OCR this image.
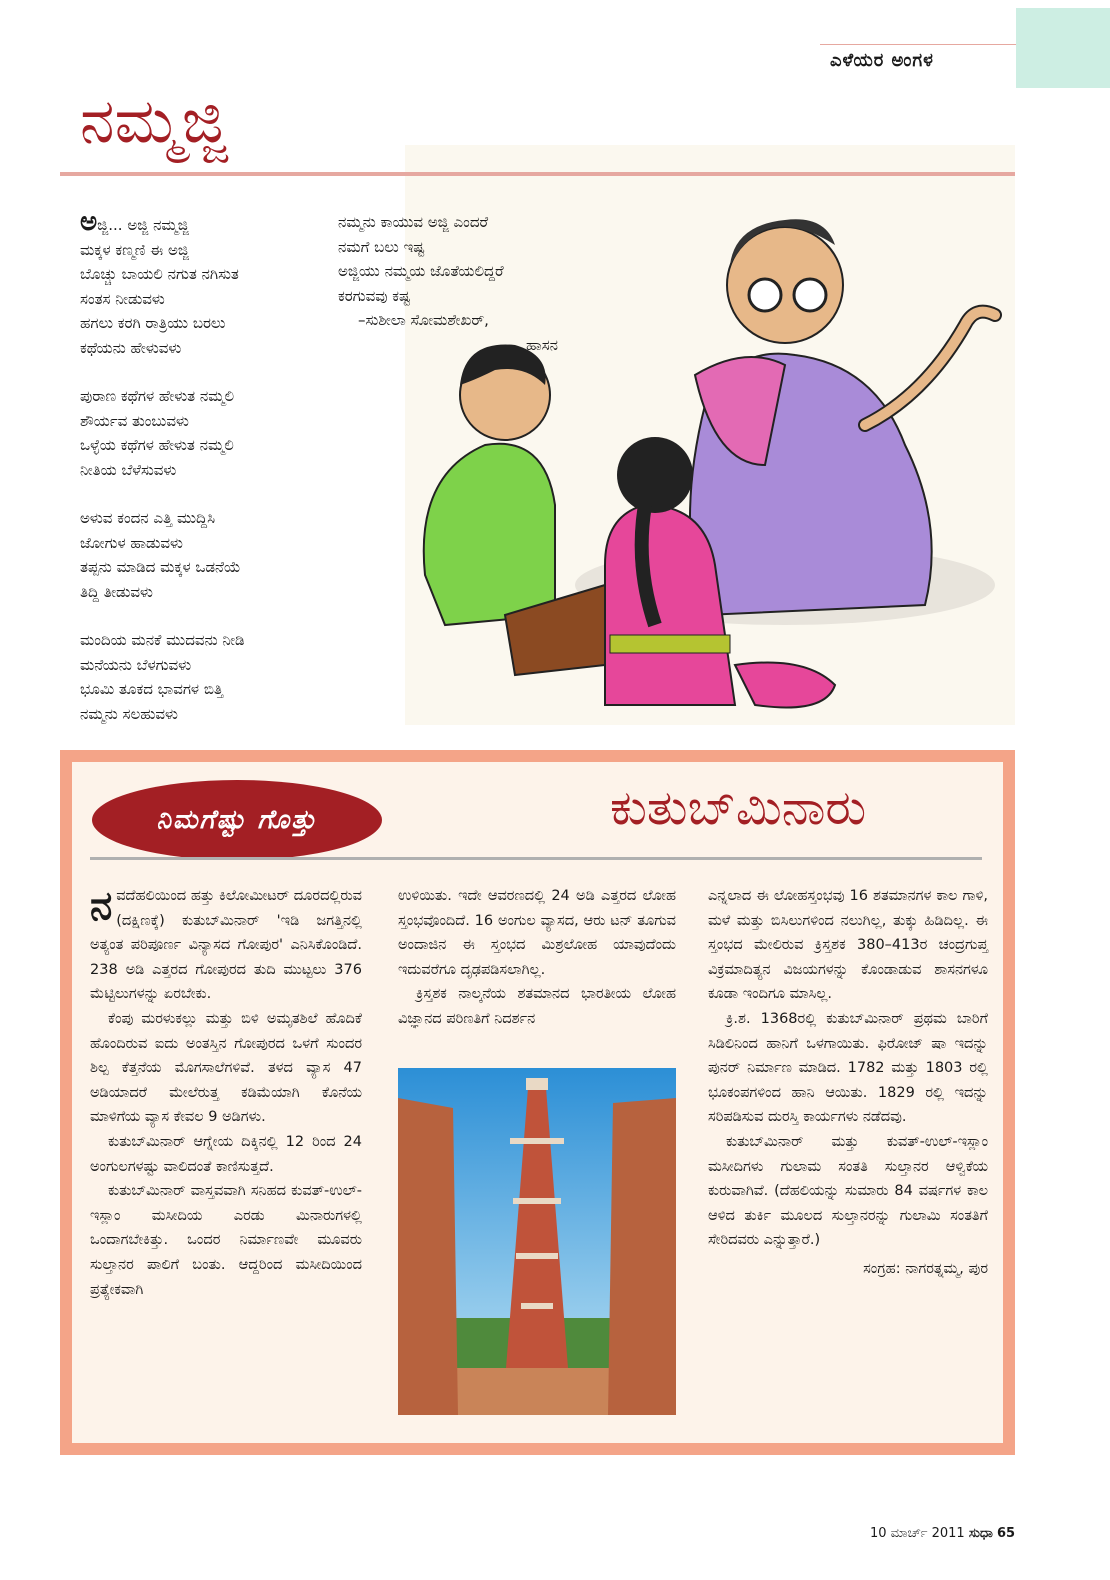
ಎಳೆಯರ ಅಂಗಳ
ನಮ್ಮಜ್ಜಿ
ಅಜ್ಜಿ... ಅಜ್ಜಿ ನಮ್ಮಜ್ಜಿ
ಮಕ್ಕಳ ಕಣ್ಮಣಿ ಈ ಅಜ್ಜಿ
ಬೊಚ್ಚು ಬಾಯಲಿ ನಗುತ ನಗಿಸುತ
ಸಂತಸ ನೀಡುವಳು
ಹಗಲು ಕರಗಿ ರಾತ್ರಿಯು ಬರಲು
ಕಥೆಯನು ಹೇಳುವಳು
ಪುರಾಣ ಕಥೆಗಳ ಹೇಳುತ ನಮ್ಮಲಿ
ಶೌರ್ಯವ ತುಂಬುವಳು
ಒಳ್ಳೆಯ ಕಥೆಗಳ ಹೇಳುತ ನಮ್ಮಲಿ
ನೀತಿಯ ಬೆಳೆಸುವಳು
ಅಳುವ ಕಂದನ ಎತ್ತಿ ಮುದ್ದಿಸಿ
ಜೋಗುಳ ಹಾಡುವಳು
ತಪ್ಪನು ಮಾಡಿದ ಮಕ್ಕಳ ಒಡನೆಯೆ
ತಿದ್ದಿ ತೀಡುವಳು
ಮಂದಿಯ ಮನಕೆ ಮುದವನು ನೀಡಿ
ಮನೆಯನು ಬೆಳಗುವಳು
ಭೂಮಿ ತೂಕದ ಭಾವಗಳ ಬಿತ್ತಿ
ನಮ್ಮನು ಸಲಹುವಳು
ನಮ್ಮನು ಕಾಯುವ ಅಜ್ಜಿ ಎಂದರೆ
ನಮಗೆ ಬಲು ಇಷ್ಟ
ಅಜ್ಜಿಯು ನಮ್ಮಯ ಜೊತೆಯಲಿದ್ದರೆ
ಕರಗುವವು ಕಷ್ಟ
–ಸುಶೀಲಾ ಸೋಮಶೇಖರ್,
ಹಾಸನ
ನಿಮಗೆಷ್ಟು ಗೊತ್ತು	ಕುತುಬ್‌ಮಿನಾರು

ನವದೆಹಲಿಯಿಂದ ಹತ್ತು ಕಿಲೋಮೀಟರ್ ದೂರದಲ್ಲಿರುವ (ದಕ್ಷಿಣಕ್ಕೆ) ಕುತುಬ್‌ಮಿನಾರ್ 'ಇಡಿ ಜಗತ್ತಿನಲ್ಲಿ ಅತ್ಯಂತ ಪರಿಪೂರ್ಣ ವಿನ್ಯಾಸದ ಗೋಪುರ' ಎನಿಸಿಕೊಂಡಿದೆ. 238 ಅಡಿ ಎತ್ತರದ ಗೋಪುರದ ತುದಿ ಮುಟ್ಟಲು 376 ಮೆಟ್ಟಿಲುಗಳನ್ನು ಏರಬೇಕು.

ಕೆಂಪು ಮರಳುಕಲ್ಲು ಮತ್ತು ಬಿಳಿ ಅಮೃತಶಿಲೆ ಹೊದಿಕೆ ಹೊಂದಿರುವ ಐದು ಅಂತಸ್ತಿನ ಗೋಪುರದ ಒಳಗೆ ಸುಂದರ ಶಿಲ್ಪ ಕೆತ್ತನೆಯ ಮೊಗಸಾಲೆಗಳಿವೆ. ತಳದ ವ್ಯಾಸ 47 ಅಡಿಯಾದರೆ ಮೇಲೆರುತ್ತ ಕಡಿಮೆಯಾಗಿ ಕೊನೆಯ ಮಾಳಿಗೆಯ ವ್ಯಾಸ ಕೇವಲ 9 ಅಡಿಗಳು.

ಕುತುಬ್‌ಮಿನಾರ್ ಆಗ್ನೇಯ ದಿಕ್ಕಿನಲ್ಲಿ 12 ರಿಂದ 24 ಅಂಗುಲಗಳಷ್ಟು ವಾಲಿದಂತೆ ಕಾಣಿಸುತ್ತದೆ.

ಕುತುಬ್‌ಮಿನಾರ್ ವಾಸ್ತವವಾಗಿ ಸನಿಹದ ಕುವತ್-ಉಲ್-ಇಸ್ಲಾಂ ಮಸೀದಿಯ ಎರಡು ಮಿನಾರುಗಳಲ್ಲಿ ಒಂದಾಗಬೇಕಿತ್ತು. ಒಂದರ ನಿರ್ಮಾಣವೇ ಮೂವರು ಸುಲ್ತಾನರ ಪಾಲಿಗೆ ಬಂತು. ಆದ್ದರಿಂದ ಮಸೀದಿಯಿಂದ ಪ್ರತ್ಯೇಕವಾಗಿ

ಉಳಿಯಿತು. ಇದೇ ಆವರಣದಲ್ಲಿ 24 ಅಡಿ ಎತ್ತರದ ಲೋಹ ಸ್ತಂಭವೊಂದಿದೆ. 16 ಅಂಗುಲ ವ್ಯಾಸದ, ಆರು ಟನ್ ತೂಗುವ ಅಂದಾಜಿನ ಈ ಸ್ತಂಭದ ಮಿಶ್ರಲೋಹ ಯಾವುದೆಂದು ಇದುವರೆಗೂ ದೃಢಪಡಿಸಲಾಗಿಲ್ಲ.

ಕ್ರಿಸ್ತಶಕ ನಾಲ್ಕನೆಯ ಶತಮಾನದ ಭಾರತೀಯ ಲೋಹ ವಿಜ್ಞಾನದ ಪರಿಣತಿಗೆ ನಿದರ್ಶನ

ಎನ್ನಲಾದ ಈ ಲೋಹಸ್ತಂಭವು 16 ಶತಮಾನಗಳ ಕಾಲ ಗಾಳಿ, ಮಳೆ ಮತ್ತು ಬಿಸಿಲುಗಳಿಂದ ನಲುಗಿಲ್ಲ, ತುಕ್ಕು ಹಿಡಿದಿಲ್ಲ. ಈ ಸ್ತಂಭದ ಮೇಲಿರುವ ಕ್ರಿಸ್ತಶಕ 380–413ರ ಚಂದ್ರಗುಪ್ತ ವಿಕ್ರಮಾದಿತ್ಯನ ವಿಜಯಗಳನ್ನು ಕೊಂಡಾಡುವ ಶಾಸನಗಳೂ ಕೂಡಾ ಇಂದಿಗೂ ಮಾಸಿಲ್ಲ.

ಕ್ರಿ.ಶ. 1368ರಲ್ಲಿ ಕುತುಬ್‌ಮಿನಾರ್ ಪ್ರಥಮ ಬಾರಿಗೆ ಸಿಡಿಲಿನಿಂದ ಹಾನಿಗೆ ಒಳಗಾಯಿತು. ಫಿರೋಜ್ ಷಾ ಇದನ್ನು ಪುನರ್ ನಿರ್ಮಾಣ ಮಾಡಿದ. 1782 ಮತ್ತು 1803 ರಲ್ಲಿ ಭೂಕಂಪಗಳಿಂದ ಹಾನಿ ಆಯಿತು. 1829 ರಲ್ಲಿ ಇದನ್ನು ಸರಿಪಡಿಸುವ ದುರಸ್ತಿ ಕಾರ್ಯಗಳು ನಡೆದವು.

ಕುತುಬ್‌ಮಿನಾರ್ ಮತ್ತು ಕುವತ್-ಉಲ್-ಇಸ್ಲಾಂ ಮಸೀದಿಗಳು ಗುಲಾಮ ಸಂತತಿ ಸುಲ್ತಾನರ ಆಳ್ವಿಕೆಯ ಕುರುವಾಗಿವೆ. (ದೆಹಲಿಯನ್ನು ಸುಮಾರು 84 ವರ್ಷಗಳ ಕಾಲ ಆಳಿದ ತುರ್ಕಿ ಮೂಲದ ಸುಲ್ತಾನರನ್ನು ಗುಲಾಮಿ ಸಂತತಿಗೆ ಸೇರಿದವರು ಎನ್ನುತ್ತಾರೆ.)

ಸಂಗ್ರಹ: ನಾಗರತ್ನಮ್ಮ, ಪುರ

10 ಮಾರ್ಚ್ 2011 ಸುಧಾ 65
